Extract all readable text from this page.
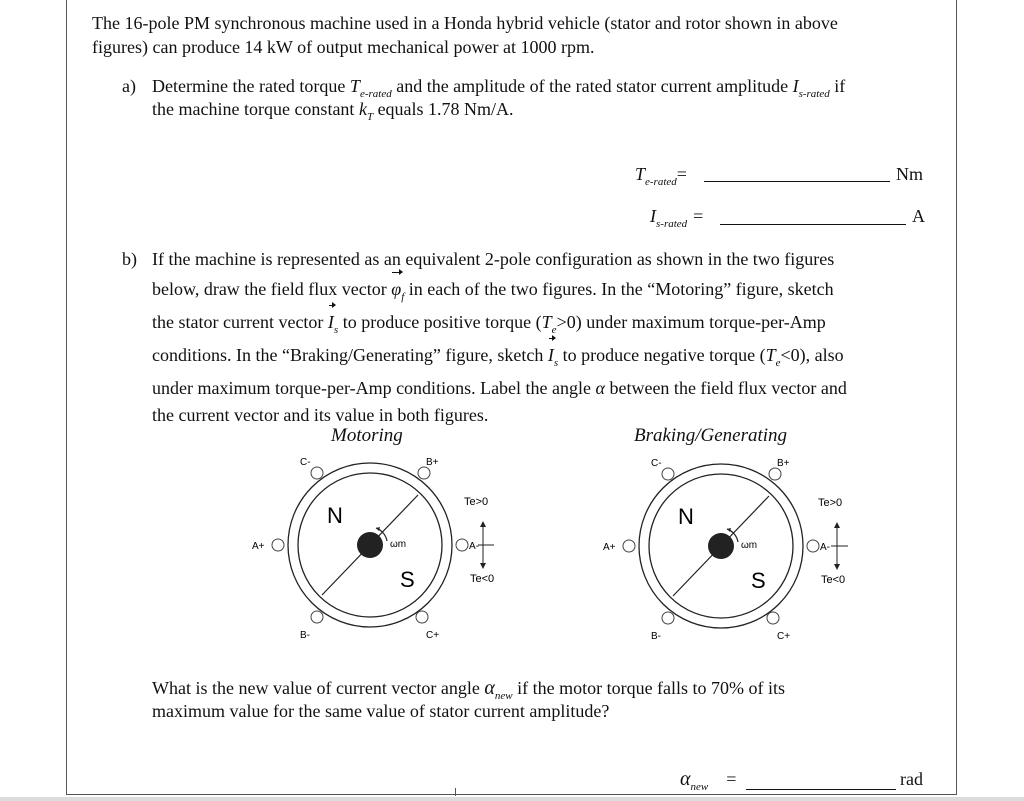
The 16-pole PM synchronous machine used in a Honda hybrid vehicle (stator and rotor shown in above
figures) can produce 14 kW of output mechanical power at 1000 rpm.
a) Determine the rated torque $T_{e-rated}$ and the amplitude of the rated stator current amplitude $I_{s-rated}$ if
the machine torque constant $k_T$ equals 1.78 Nm/A.
$T_{e-rated}=$	Nm
$I_{s-rated}$ =	A
b) If the machine is represented as an equivalent 2-pole configuration as shown in the two figures
below, draw the field flux vector $\varphi_f$ in each of the two figures. In the “Motoring” figure, sketch
the stator current vector $I_s$ to produce positive torque $(T_e>0)$ under maximum torque-per-Amp
conditions. In the “Braking/Generating” figure, sketch $I_s$ to produce negative torque $(T_e<0)$, also
under maximum torque-per-Amp conditions. Label the angle α between the field flux vector and
the current vector and its value in both figures.
Motoring	Braking/Generating
ωm
N
S
C-	B+
A+	A-
B-	C+
Te>0
Te<0
ωm
N
S
C-	B+
A+	A-
B-	C+
Te>0
Te<0
What is the new value of current vector angle $\alpha_{new}$ if the motor torque falls to 70% of its
maximum value for the same value of stator current amplitude?
$\alpha_{new}$ =	rad
